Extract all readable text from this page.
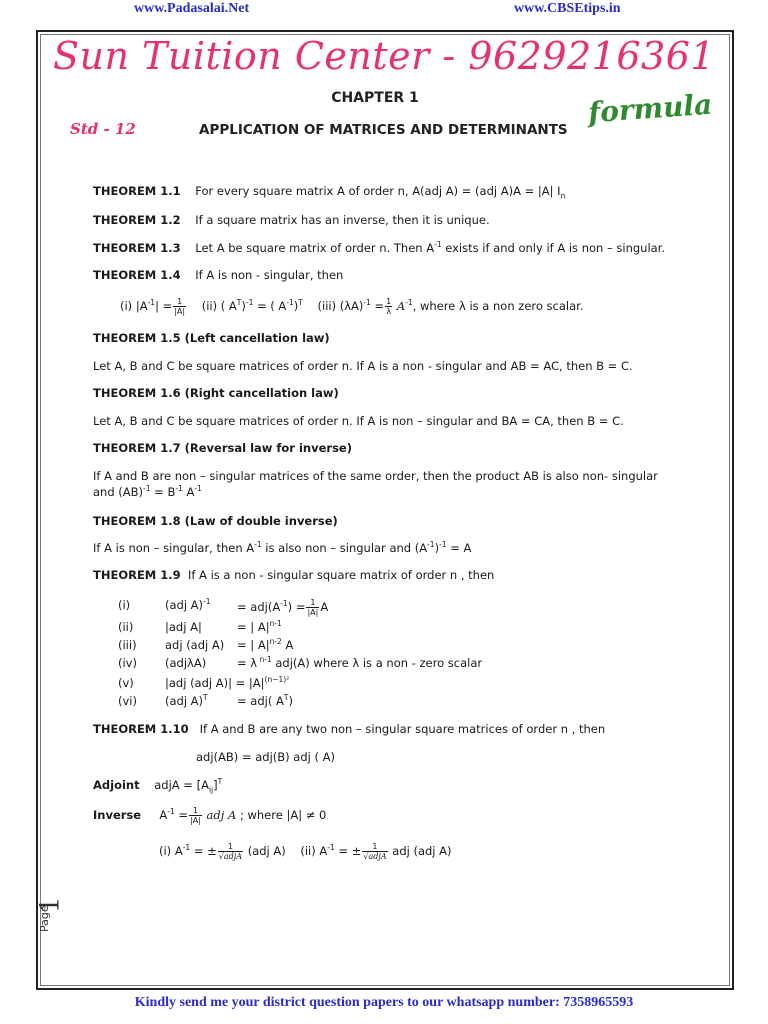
www.Padasalai.Net	www.CBSEtips.in
Sun Tuition Center - 9629216361
CHAPTER 1
Std - 12	APPLICATION OF MATRICES AND DETERMINANTS
formula
THEOREM 1.1 For every square matrix A of order n, A(adj A) = (adj A)A = |A| $I_n$
THEOREM 1.2 If a square matrix has an inverse, then it is unique.
THEOREM 1.3 Let A be square matrix of order n. Then $A^{-1}$ exists if and only if A is non – singular.
THEOREM 1.4 If A is non - singular, then
(i) $|A^{-1}| = \frac{1}{|A|} (ii)$ ( $A^T)^{-1}$ = ( $A^{-1})^T$ (iii) $(\lambda A)^{-1} = \frac{1}{\lambda} A^{-1}$, where λ is a non zero scalar.
THEOREM 1.5 (Left cancellation law)
Let A, B and C be square matrices of order n. If A is a non - singular and AB = AC, then B = C.
THEOREM 1.6 (Right cancellation law)
Let A, B and C be square matrices of order n. If A is non – singular and BA = CA, then B = C.
THEOREM 1.7 (Reversal law for inverse)
If A and B are non – singular matrices of the same order, then the product AB is also non- singular
and $(AB)^{-1} = B^{-1}$ $A^{-1}$
THEOREM 1.8 (Law of double inverse)
If A is non – singular, then $A^{-1}$ is also non – singular and $(A^{-1})^{-1} = A$
THEOREM 1.9 If A is a non - singular square matrix of order n , then
(i)	(adj $A)^{-1} = adj(A^{-1}) = \frac{1}{|A|}$ A
(ii)	|adj A|	= | $A|^{n-1}$
(iii) adj (adj A) = | $A|^{n-2}$ A
(iv) (adjλA)	= λ $^{n-1}$ adj(A) where λ is a non - zero scalar
(v)	|adj (adj $A)| = |A|^{(n-1)^2}$
(vi) (adj A)$^T$	= adj( $A^T$)
THEOREM 1.10 If A and B are any two non – singular square matrices of order n , then
adj(AB) = adj(B) adj ( A)
Adjoint adjA = $[A_{ij}]^T$
Inverse     $A^{-1} = \frac{1}{|A|}$ adj A ; where |A| ≠ 0
(i) $A^{-1}$ = ± $\frac{1}{\text{√adjA}} (adj$ A) (ii) $A^{-1}$ = ± $\frac{1}{\text{√adjA}}$ adj (adj A)
Page
1
Kindly send me your district question papers to our whatsapp number: 7358965593
